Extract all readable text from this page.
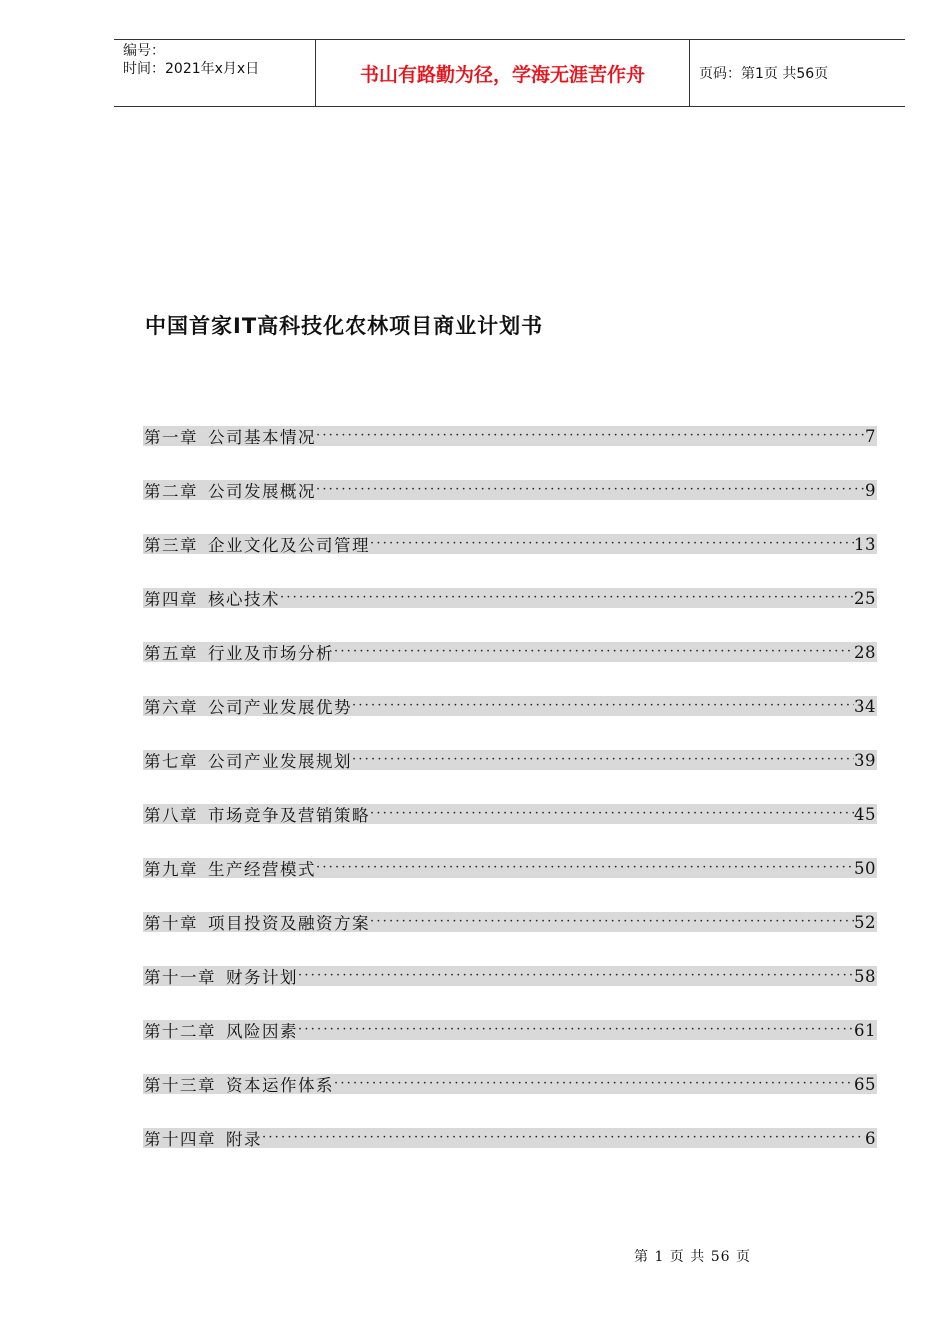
编号：
时间：2021年x月x日	书山有路勤为径，学海无涯苦作舟	页码：第1页 共56页
中国首家IT高科技化农林项目商业计划书
第一章 公司基本情况 ·····	7
第二章 公司发展概况 ·····	9
第三章 企业文化及公司管理 ·····	13
第四章 核心技术 ·····	25
第五章 行业及市场分析 ·····	28
第六章 公司产业发展优势 ·····	34
第七章 公司产业发展规划 ·····	39
第八章 市场竞争及营销策略 ·····	45
第九章 生产经营模式 ·····	50
第十章 项目投资及融资方案 ·····	52
第十一章 财务计划 ·····	58
第十二章 风险因素 ·····	61
第十三章 资本运作体系 ·····	65
第十四章 附录 ·····	6
第 1 页 共 56 页
